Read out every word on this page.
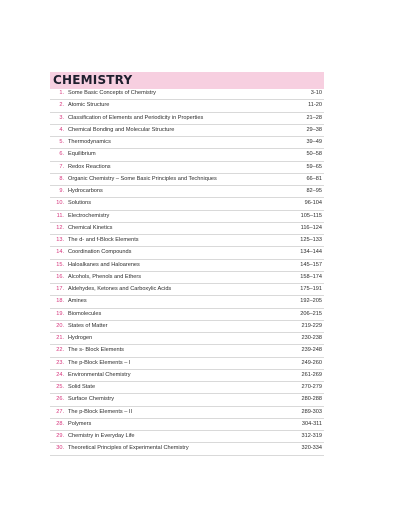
CHEMISTRY
1. Some Basic Concepts of Chemistry	3-10
2. Atomic Structure	11-20
3. Classification of Elements and Periodicity in Properties	21–28
4. Chemical Bonding and Molecular Structure	29–38
5. Thermodynamics	39–49
6. Equilibrium	50–58
7. Redox Reactions	59–65
8. Organic Chemistry – Some Basic Principles and Techniques	66–81
9. Hydrocarbons	82–95
10. Solutions	96-104
11. Electrochemistry	105–115
12. Chemical Kinetics	116–124
13. The d- and f-Block Elements	125–133
14. Coordination Compounds	134–144
15. Haloalkanes and Haloarenes	145–157
16. Alcohols, Phenols and Ethers	158–174
17. Aldehydes, Ketones and Carboxylic Acids	175–191
18. Amines	192–205
19. Biomolecules	206–215
20. States of Matter	219-229
21. Hydrogen	230-238
22. The s- Block Elements	239-248
23. The p-Block Elements – I	249-260
24. Environmental Chemistry	261-269
25. Solid State	270-279
26. Surface Chemistry	280-288
27. The p-Block Elements – II	289-303
28. Polymers	304-311
29. Chemistry in Everyday Life	312-319
30. Theoretical Principles of Experimental Chemistry	320-334
